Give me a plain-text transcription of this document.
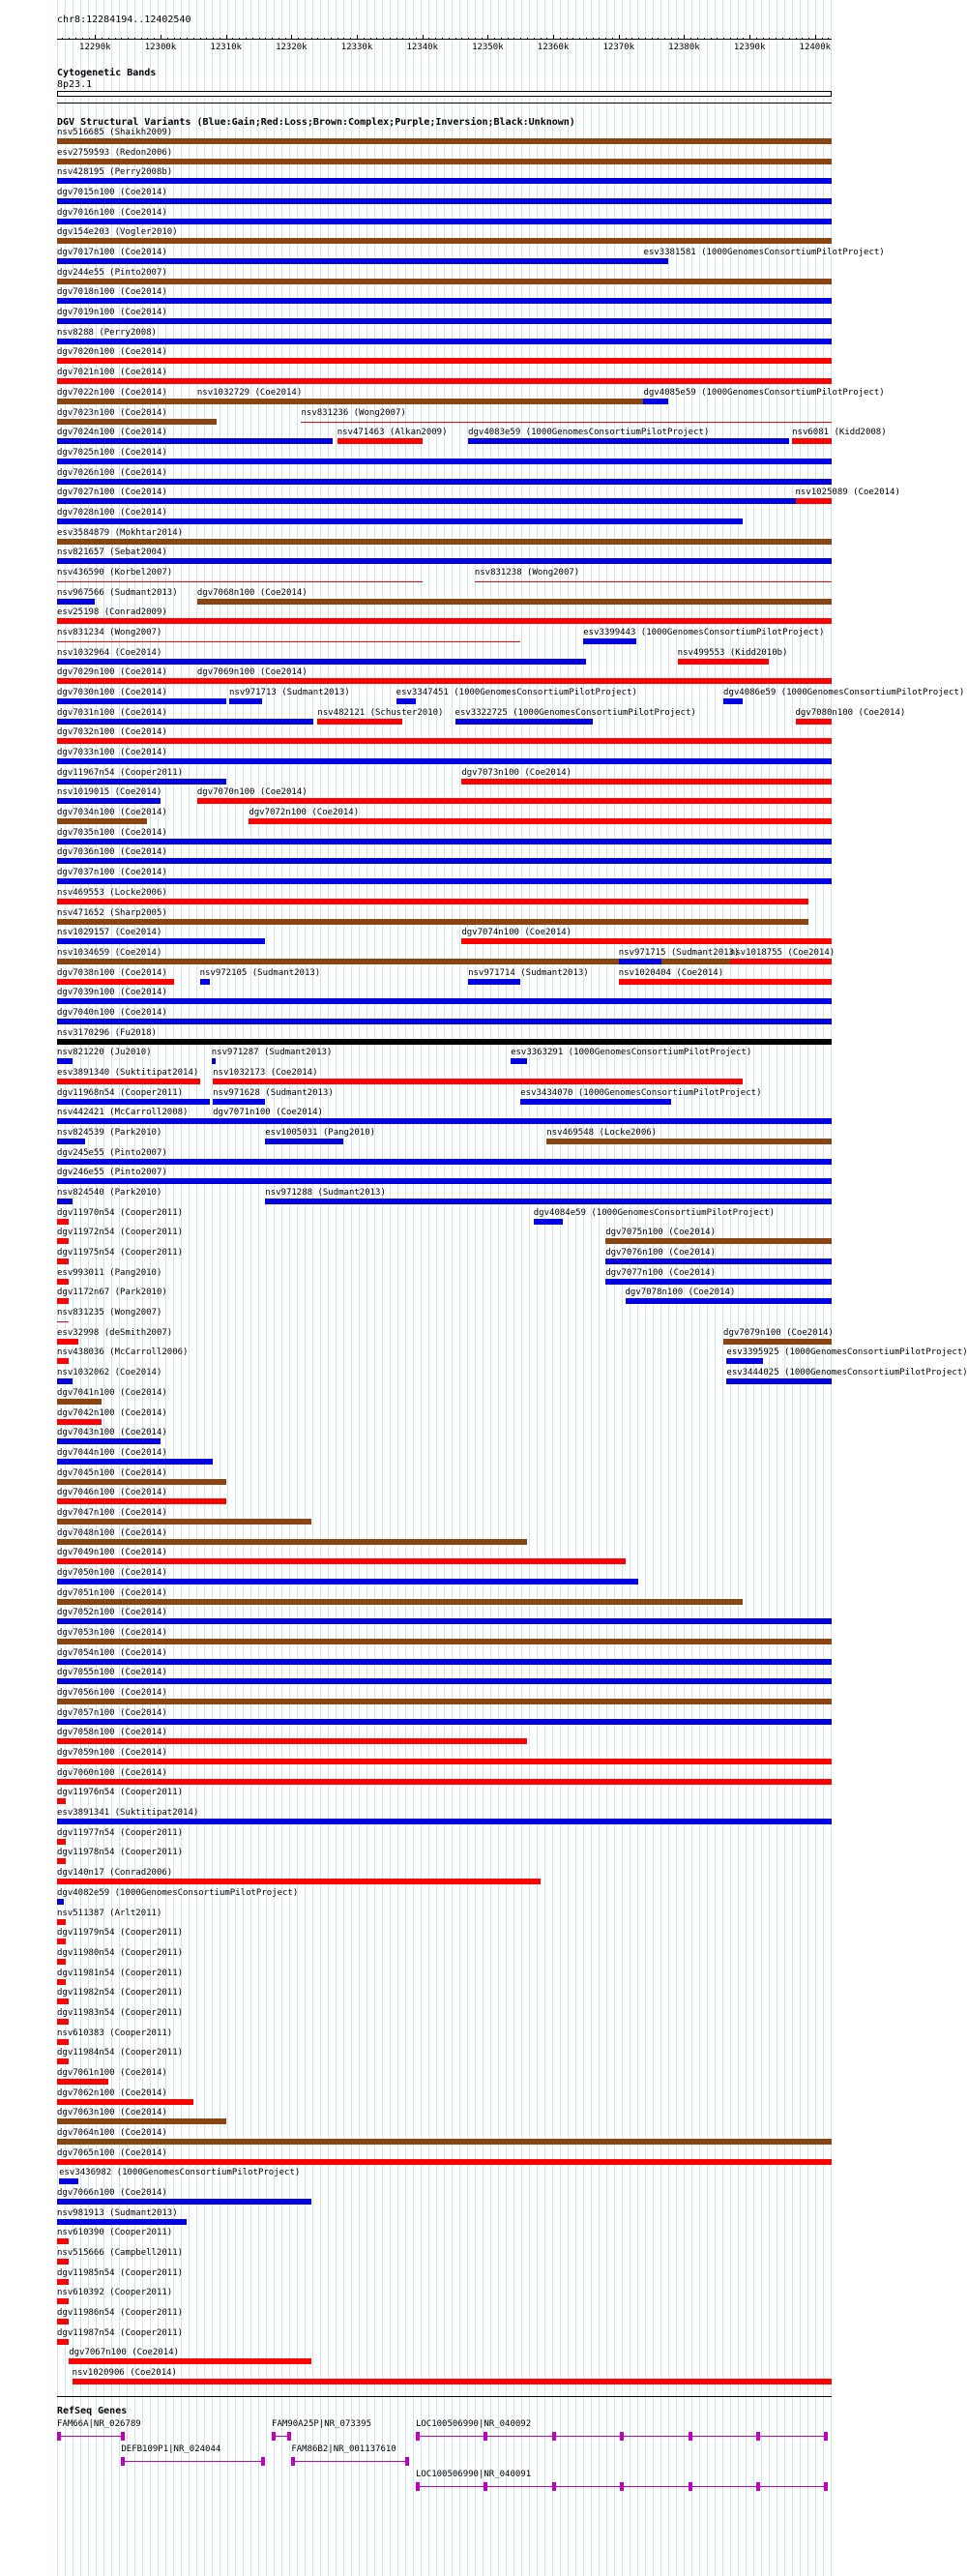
chr8:12284194..12402540
12290k	12300k	12310k	12320k	12330k	12340k	12350k	12360k	12370k	12380k	12390k	12400k
Cytogenetic Bands
8p23.1
DGV Structural Variants (Blue:Gain;Red:Loss;Brown:Complex;Purple;Inversion;Black:Unknown)
nsv516685 (Shaikh2009)
esv2759593 (Redon2006)
nsv428195 (Perry2008b)
dgv7015n100 (Coe2014)
dgv7016n100 (Coe2014)
dgv154e203 (Vogler2010)
dgv7017n100 (Coe2014)	esv3381581 (1000GenomesConsortiumPilotProject)
dgv244e55 (Pinto2007)
dgv7018n100 (Coe2014)
dgv7019n100 (Coe2014)
nsv8288 (Perry2008)
dgv7020n100 (Coe2014)
dgv7021n100 (Coe2014)
dgv7022n100 (Coe2014)	nsv1032729 (Coe2014)	dgv4085e59 (1000GenomesConsortiumPilotProject)
dgv7023n100 (Coe2014)	nsv831236 (Wong2007)
dgv7024n100 (Coe2014)	nsv471463 (Alkan2009) dgv4083e59 (1000GenomesConsortiumPilotProject)	nsv6081 (Kidd2008)
dgv7025n100 (Coe2014)
dgv7026n100 (Coe2014)
dgv7027n100 (Coe2014)	nsv1025089 (Coe2014)
dgv7028n100 (Coe2014)
esv3584879 (Mokhtar2014)
nsv821657 (Sebat2004)
nsv436590 (Korbel2007)	nsv831238 (Wong2007)
nsv967566 (Sudmant2013) dgv7068n100 (Coe2014)
esv25198 (Conrad2009)
nsv831234 (Wong2007)	esv3399443 (1000GenomesConsortiumPilotProject)
nsv1032964 (Coe2014)	nsv499553 (Kidd2010b)
dgv7029n100 (Coe2014)	dgv7069n100 (Coe2014)
dgv7030n100 (Coe2014)	nsv971713 (Sudmant2013)	esv3347451 (1000GenomesConsortiumPilotProject)	dgv4086e59 (1000GenomesConsortiumPilotProject)
dgv7031n100 (Coe2014)	nsv482121 (Schuster2010) esv3322725 (1000GenomesConsortiumPilotProject)	dgv7080n100 (Coe2014)
dgv7032n100 (Coe2014)
dgv7033n100 (Coe2014)
dgv11967n54 (Cooper2011)	dgv7073n100 (Coe2014)
nsv1019015 (Coe2014)	dgv7070n100 (Coe2014)
dgv7034n100 (Coe2014)	dgv7072n100 (Coe2014)
dgv7035n100 (Coe2014)
dgv7036n100 (Coe2014)
dgv7037n100 (Coe2014)
nsv469553 (Locke2006)
nsv471652 (Sharp2005)
nsv1029157 (Coe2014)	dgv7074n100 (Coe2014)
nsv1034659 (Coe2014)	nsv971715 (Sudmant2013)
nsv1018755 (Coe2014)
dgv7038n100 (Coe2014)	nsv972105 (Sudmant2013)	nsv971714 (Sudmant2013)	nsv1020404 (Coe2014)
dgv7039n100 (Coe2014)
dgv7040n100 (Coe2014)
nsv3170296 (Fu2018)
nsv821220 (Ju2010)	nsv971287 (Sudmant2013)	esv3363291 (1000GenomesConsortiumPilotProject)
esv3891340 (Suktitipat2014) nsv1032173 (Coe2014)
dgv11968n54 (Cooper2011)	nsv971628 (Sudmant2013)	esv3434070 (1000GenomesConsortiumPilotProject)
nsv442421 (McCarroll2008)	dgv7071n100 (Coe2014)
nsv824539 (Park2010)	esv1005031 (Pang2010)	nsv469548 (Locke2006)
dgv245e55 (Pinto2007)
dgv246e55 (Pinto2007)
nsv824540 (Park2010)	nsv971288 (Sudmant2013)
dgv11970n54 (Cooper2011)	dgv4084e59 (1000GenomesConsortiumPilotProject)
dgv11972n54 (Cooper2011)	dgv7075n100 (Coe2014)
dgv11975n54 (Cooper2011)	dgv7076n100 (Coe2014)
esv993011 (Pang2010)	dgv7077n100 (Coe2014)
dgv1172n67 (Park2010)	dgv7078n100 (Coe2014)
nsv831235 (Wong2007)
esv32998 (deSmith2007)	dgv7079n100 (Coe2014)
nsv438036 (McCarroll2006)	esv3395925 (1000GenomesConsortiumPilotProject)
nsv1032062 (Coe2014)	esv3444025 (1000GenomesConsortiumPilotProject)
dgv7041n100 (Coe2014)
dgv7042n100 (Coe2014)
dgv7043n100 (Coe2014)
dgv7044n100 (Coe2014)
dgv7045n100 (Coe2014)
dgv7046n100 (Coe2014)
dgv7047n100 (Coe2014)
dgv7048n100 (Coe2014)
dgv7049n100 (Coe2014)
dgv7050n100 (Coe2014)
dgv7051n100 (Coe2014)
dgv7052n100 (Coe2014)
dgv7053n100 (Coe2014)
dgv7054n100 (Coe2014)
dgv7055n100 (Coe2014)
dgv7056n100 (Coe2014)
dgv7057n100 (Coe2014)
dgv7058n100 (Coe2014)
dgv7059n100 (Coe2014)
dgv7060n100 (Coe2014)
dgv11976n54 (Cooper2011)
esv3891341 (Suktitipat2014)
dgv11977n54 (Cooper2011)
dgv11978n54 (Cooper2011)
dgv140n17 (Conrad2006)
dgv4082e59 (1000GenomesConsortiumPilotProject)
nsv511387 (Arlt2011)
dgv11979n54 (Cooper2011)
dgv11980n54 (Cooper2011)
dgv11981n54 (Cooper2011)
dgv11982n54 (Cooper2011)
dgv11983n54 (Cooper2011)
nsv610383 (Cooper2011)
dgv11984n54 (Cooper2011)
dgv7061n100 (Coe2014)
dgv7062n100 (Coe2014)
dgv7063n100 (Coe2014)
dgv7064n100 (Coe2014)
dgv7065n100 (Coe2014)
esv3436982 (1000GenomesConsortiumPilotProject)
dgv7066n100 (Coe2014)
nsv981913 (Sudmant2013)
nsv610390 (Cooper2011)
nsv515666 (Campbell2011)
dgv11985n54 (Cooper2011)
nsv610392 (Cooper2011)
dgv11986n54 (Cooper2011)
dgv11987n54 (Cooper2011)
dgv7067n100 (Coe2014)
nsv1020906 (Coe2014)
RefSeq Genes
FAM66A|NR_026789	FAM90A25P|NR_073395	LOC100506990|NR_040092
DEFB109P1|NR_024044	FAM86B2|NR_001137610
LOC100506990|NR_040091
